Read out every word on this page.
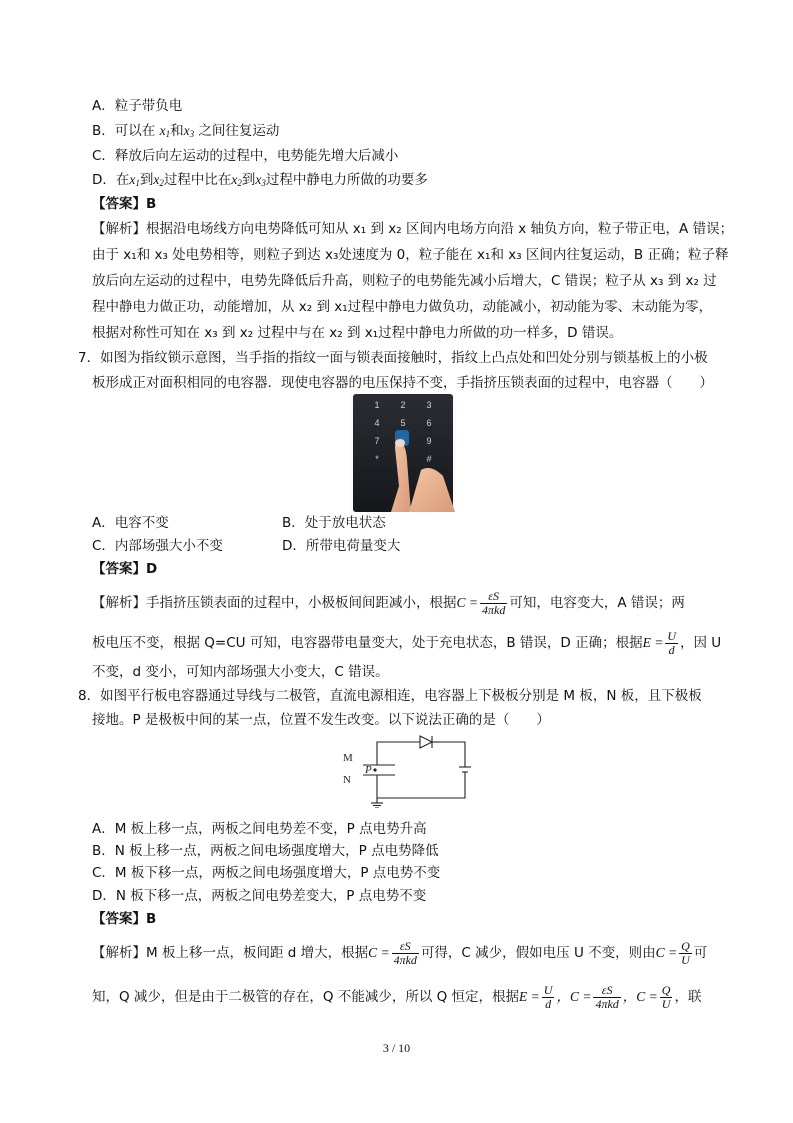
A．粒子带负电
B．可以在 x1和x3 之间往复运动
C．释放后向左运动的过程中，电势能先增大后减小
D．在x1到x2过程中比在x2到x3过程中静电力所做的功要多
【答案】B
【解析】根据沿电场线方向电势降低可知从 x₁ 到 x₂ 区间内电场方向沿 x 轴负方向，粒子带正电，A 错误；
由于 x₁和 x₃ 处电势相等，则粒子到达 x₃处速度为 0，粒子能在 x₁和 x₃ 区间内往复运动，B 正确；粒子释
放后向左运动的过程中，电势先降低后升高，则粒子的电势能先减小后增大，C 错误；粒子从 x₃ 到 x₂ 过
程中静电力做正功，动能增加，从 x₂ 到 x₁过程中静电力做负功，动能减小，初动能为零、末动能为零，
根据对称性可知在 x₃ 到 x₂ 过程中与在 x₂ 到 x₁过程中静电力所做的功一样多，D 错误。
7．如图为指纹锁示意图，当手指的指纹一面与锁表面接触时，指纹上凸点处和凹处分别与锁基板上的小极
板形成正对面积相同的电容器．现使电容器的电压保持不变，手指挤压锁表面的过程中，电容器（　　）
1 2 3
4 5 6
7	9
*	#
A．电容不变	B．处于放电状态
C．内部场强大小不变	D．所带电荷量变大
【答案】D
【解析】手指挤压锁表面的过程中，小极板间间距减小，根据$C = \frac{\varepsilon S}{\text{4πkd}}$ 可知，电容变大，A 错误；两
板电压不变，根据 Q=CU 可知，电容器带电量变大，处于充电状态，B 错误，D 正确；根据$E = \frac{U}{d}$ ，因 U
不变，d 变小，可知内部场强大小变大，C 错误。
8．如图平行板电容器通过导线与二极管，直流电源相连，电容器上下极板分别是 M 板，N 板，且下极板
接地。P 是极板中间的某一点，位置不发生改变。以下说法正确的是（　　）
M
N
P
A．M 板上移一点，两板之间电势差不变，P 点电势升高
B．N 板上移一点，两板之间电场强度增大，P 点电势降低
C．M 板下移一点，两板之间电场强度增大，P 点电势不变
D．N 板下移一点，两板之间电势差变大，P 点电势不变
【答案】B
【解析】M 板上移一点，板间距 d 增大，根据$C = \frac{\varepsilon S}{\text{4πkd}}$ 可得，C 减少，假如电压 U 不变，则由$C = \frac{Q}{U}$ 可
知，Q 减少，但是由于二极管的存在，Q 不能减少，所以 Q 恒定，根据$E = \frac{U}{d}$ ，$C = \frac{\varepsilon S}{\text{4πkd}}$ ，$C = \frac{Q}{U}$ ，联
3 / 10
